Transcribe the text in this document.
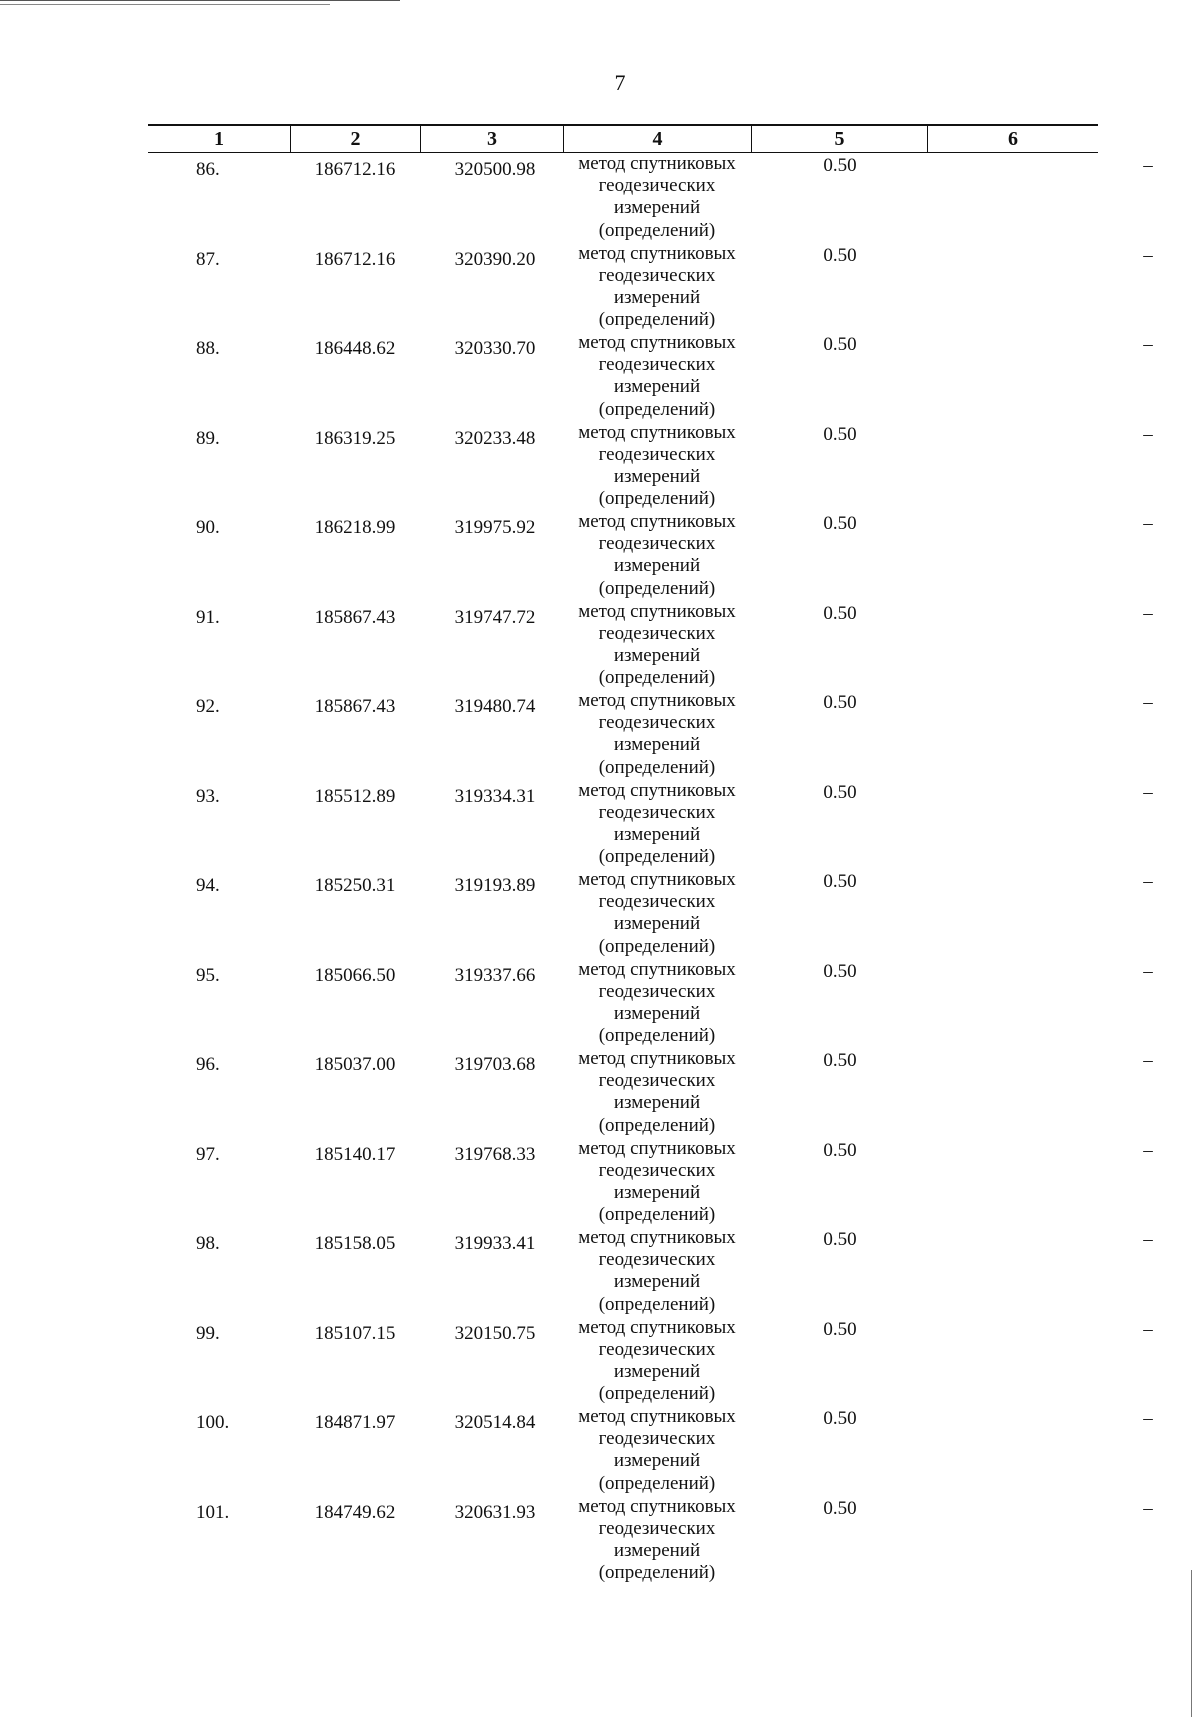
7
1	2	3	4	5	6
86.	186712.16	320500.98	метод спутниковых
геодезических
измерений
(определений)
0.50	–
87.	186712.16	320390.20	метод спутниковых
геодезических
измерений
(определений)
0.50	–
88.	186448.62	320330.70	метод спутниковых
геодезических
измерений
(определений)
0.50	–
89.	186319.25	320233.48	метод спутниковых
геодезических
измерений
(определений)
0.50	–
90.	186218.99	319975.92	метод спутниковых
геодезических
измерений
(определений)
0.50	–
91.	185867.43	319747.72	метод спутниковых
геодезических
измерений
(определений)
0.50	–
92.	185867.43	319480.74	метод спутниковых
геодезических
измерений
(определений)
0.50	–
93.	185512.89	319334.31	метод спутниковых
геодезических
измерений
(определений)
0.50	–
94.	185250.31	319193.89	метод спутниковых
геодезических
измерений
(определений)
0.50	–
95.	185066.50	319337.66	метод спутниковых
геодезических
измерений
(определений)
0.50	–
96.	185037.00	319703.68	метод спутниковых
геодезических
измерений
(определений)
0.50	–
97.	185140.17	319768.33	метод спутниковых
геодезических
измерений
(определений)
0.50	–
98.	185158.05	319933.41	метод спутниковых
геодезических
измерений
(определений)
0.50	–
99.	185107.15	320150.75	метод спутниковых
геодезических
измерений
(определений)
0.50	–
100.	184871.97	320514.84	метод спутниковых
геодезических
измерений
(определений)
0.50	–
101.	184749.62	320631.93	метод спутниковых
геодезических
измерений
(определений)
0.50	–
